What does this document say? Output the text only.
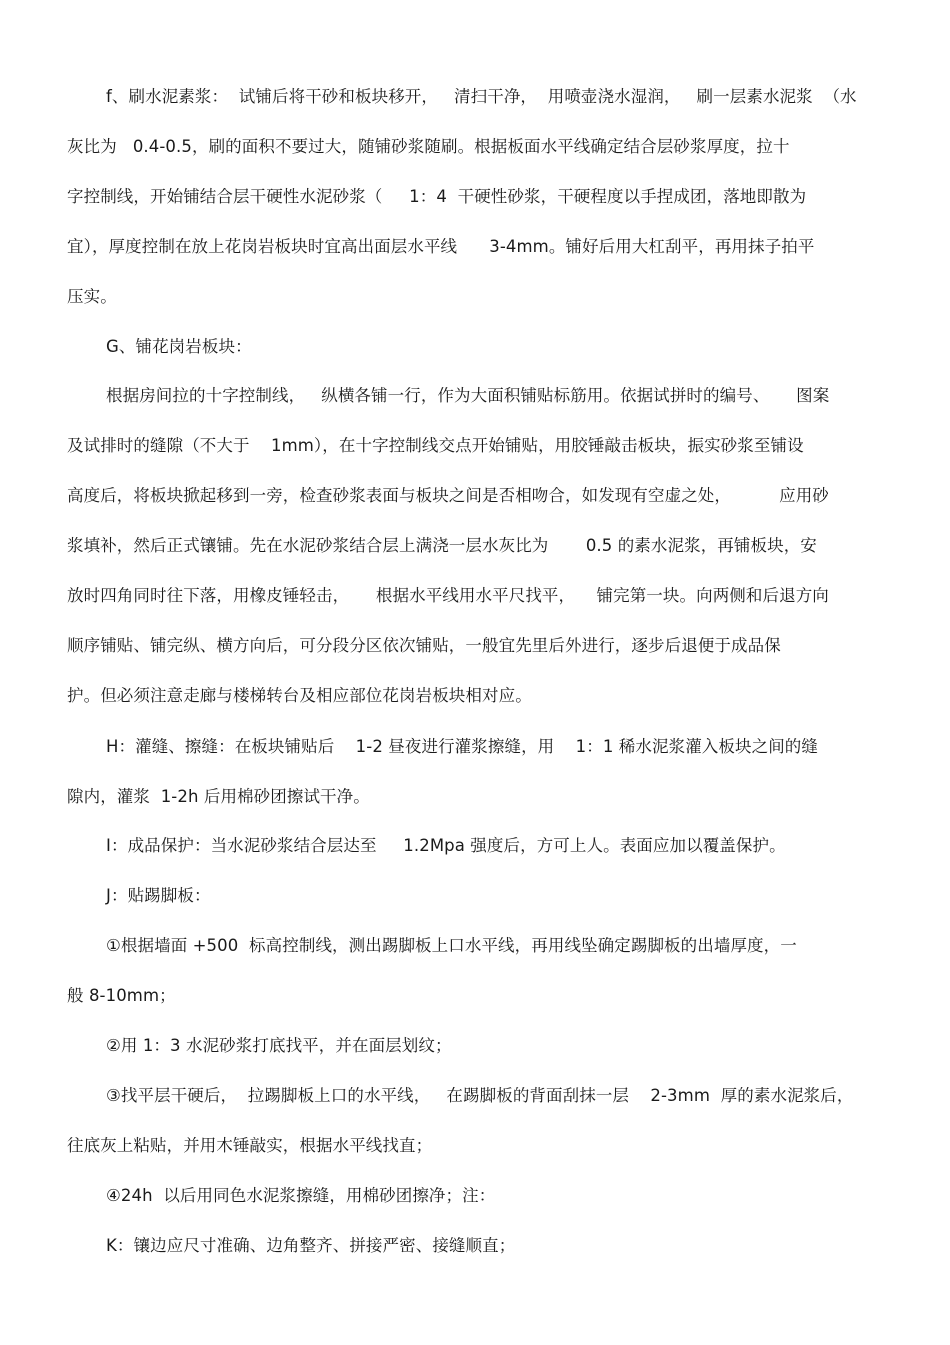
f、刷水泥素浆：  试铺后将干砂和板块移开，   清扫干净，  用喷壶浇水湿润，   刷一层素水泥浆  （水
灰比为   0.4-0.5，刷的面积不要过大，随铺砂浆随刷。根据板面水平线确定结合层砂浆厚度，拉十
字控制线，开始铺结合层干硬性水泥砂浆（     1：4  干硬性砂浆，干硬程度以手捏成团，落地即散为
宜），厚度控制在放上花岗岩板块时宜高出面层水平线      3-4mm。铺好后用大杠刮平，再用抹子拍平
压实。
G、铺花岗岩板块：
根据房间拉的十字控制线，   纵横各铺一行，作为大面积铺贴标筋用。依据试拼时的编号、     图案
及试排时的缝隙（不大于    1mm），在十字控制线交点开始铺贴，用胶锤敲击板块，振实砂浆至铺设
高度后，将板块掀起移到一旁，检查砂浆表面与板块之间是否相吻合，如发现有空虚之处，         应用砂
浆填补，然后正式镶铺。先在水泥砂浆结合层上满浇一层水灰比为       0.5 的素水泥浆，再铺板块，安
放时四角同时往下落，用橡皮锤轻击，     根据水平线用水平尺找平，    铺完第一块。向两侧和后退方向
顺序铺贴、铺完纵、横方向后，可分段分区依次铺贴，一般宜先里后外进行，逐步后退便于成品保
护。但必须注意走廊与楼梯转台及相应部位花岗岩板块相对应。
H：灌缝、擦缝：在板块铺贴后    1-2 昼夜进行灌浆擦缝，用    1：1 稀水泥浆灌入板块之间的缝
隙内，灌浆  1-2h 后用棉砂团擦试干净。
I：成品保护：当水泥砂浆结合层达至     1.2Mpa 强度后，方可上人。表面应加以覆盖保护。
J：贴踢脚板：
①根据墙面 +500  标高控制线，测出踢脚板上口水平线，再用线坠确定踢脚板的出墙厚度，一
般 8-10mm；
②用 1：3 水泥砂浆打底找平，并在面层划纹；
③找平层干硬后，  拉踢脚板上口的水平线，   在踢脚板的背面刮抹一层    2-3mm  厚的素水泥浆后，
往底灰上粘贴，并用木锤敲实，根据水平线找直；
④24h  以后用同色水泥浆擦缝，用棉砂团擦净；注：
K：镶边应尺寸准确、边角整齐、拼接严密、接缝顺直；
